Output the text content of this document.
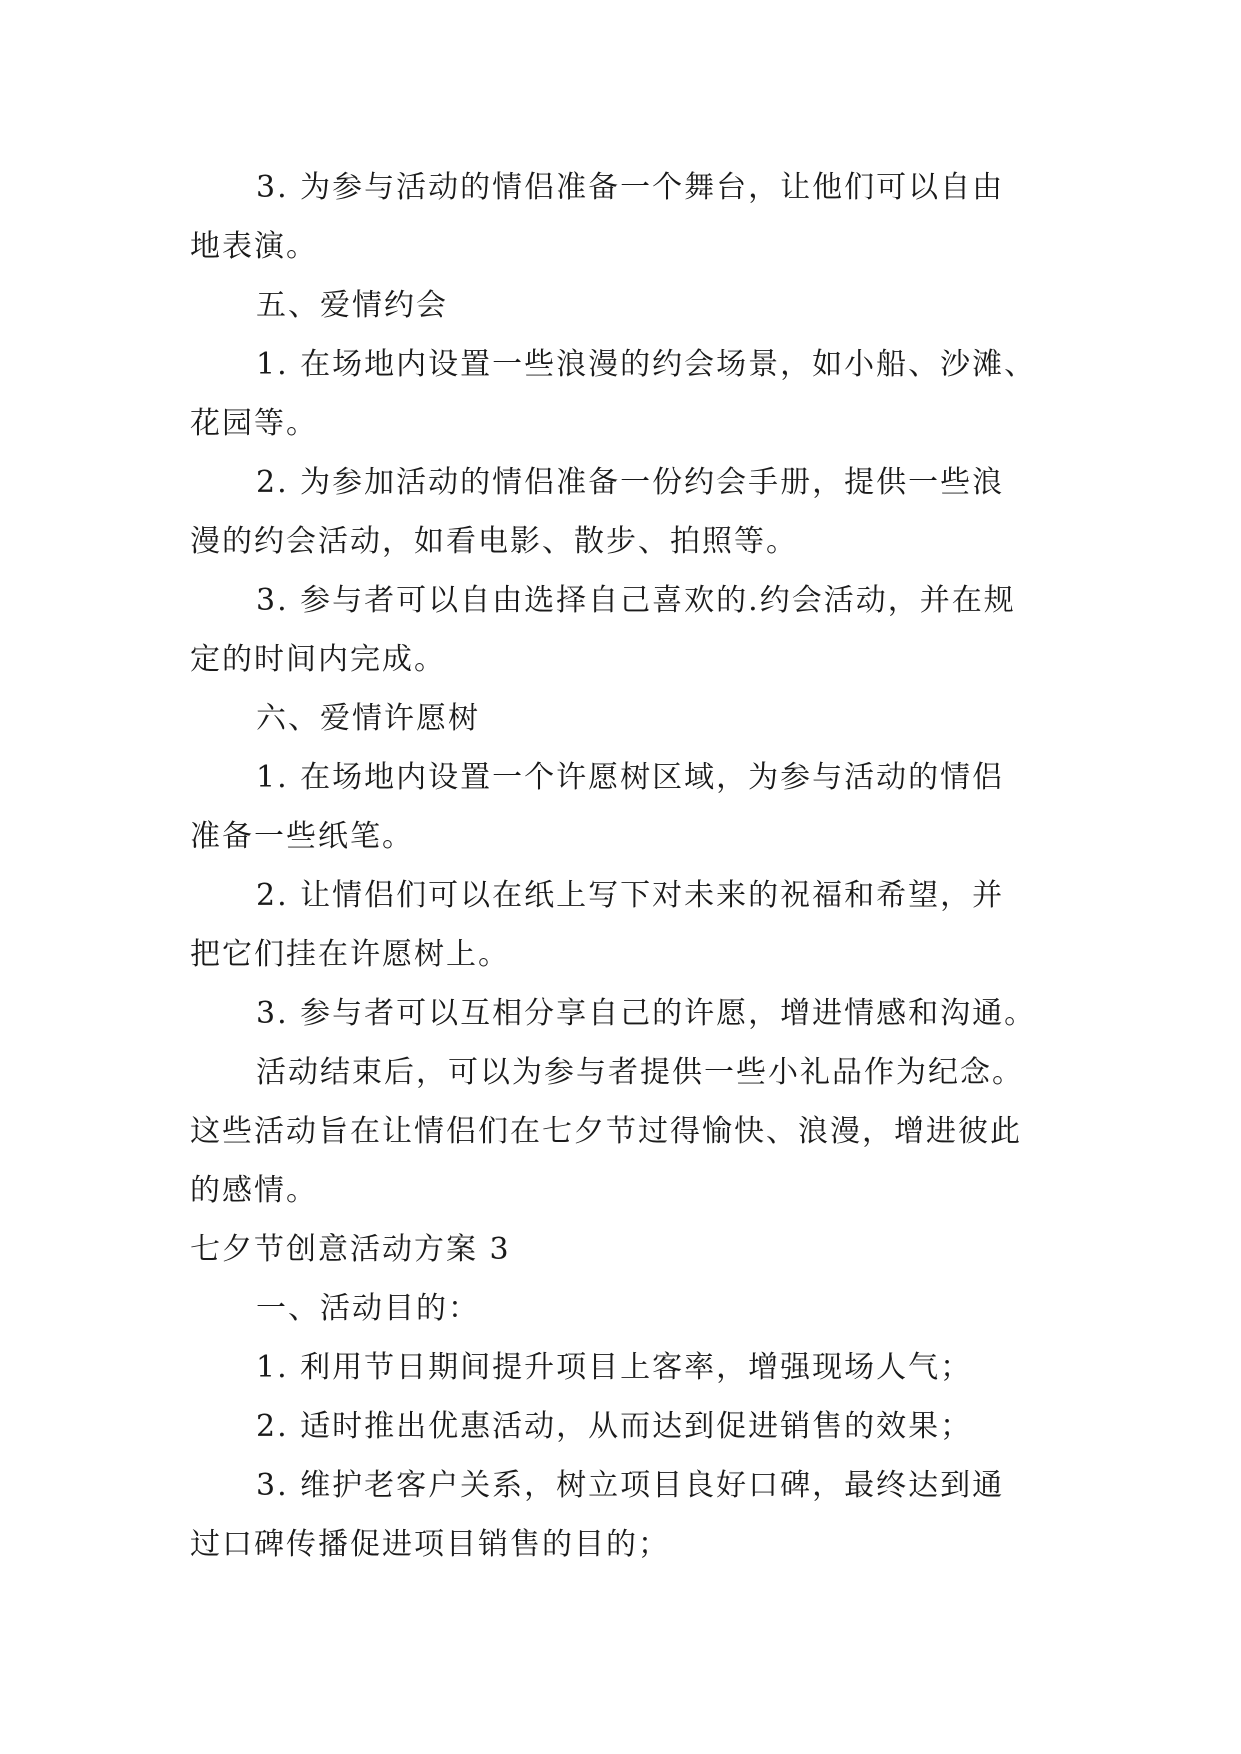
3. 为参与活动的情侣准备一个舞台，让他们可以自由
地表演。
五、爱情约会
1. 在场地内设置一些浪漫的约会场景，如小船、沙滩、
花园等。
2. 为参加活动的情侣准备一份约会手册，提供一些浪
漫的约会活动，如看电影、散步、拍照等。
3. 参与者可以自由选择自己喜欢的.约会活动，并在规
定的时间内完成。
六、爱情许愿树
1. 在场地内设置一个许愿树区域，为参与活动的情侣
准备一些纸笔。
2. 让情侣们可以在纸上写下对未来的祝福和希望，并
把它们挂在许愿树上。
3. 参与者可以互相分享自己的许愿，增进情感和沟通。
活动结束后，可以为参与者提供一些小礼品作为纪念。
这些活动旨在让情侣们在七夕节过得愉快、浪漫，增进彼此
的感情。
七夕节创意活动方案 3
一、活动目的：
1. 利用节日期间提升项目上客率，增强现场人气；
2. 适时推出优惠活动，从而达到促进销售的效果；
3. 维护老客户关系，树立项目良好口碑，最终达到通
过口碑传播促进项目销售的目的；
